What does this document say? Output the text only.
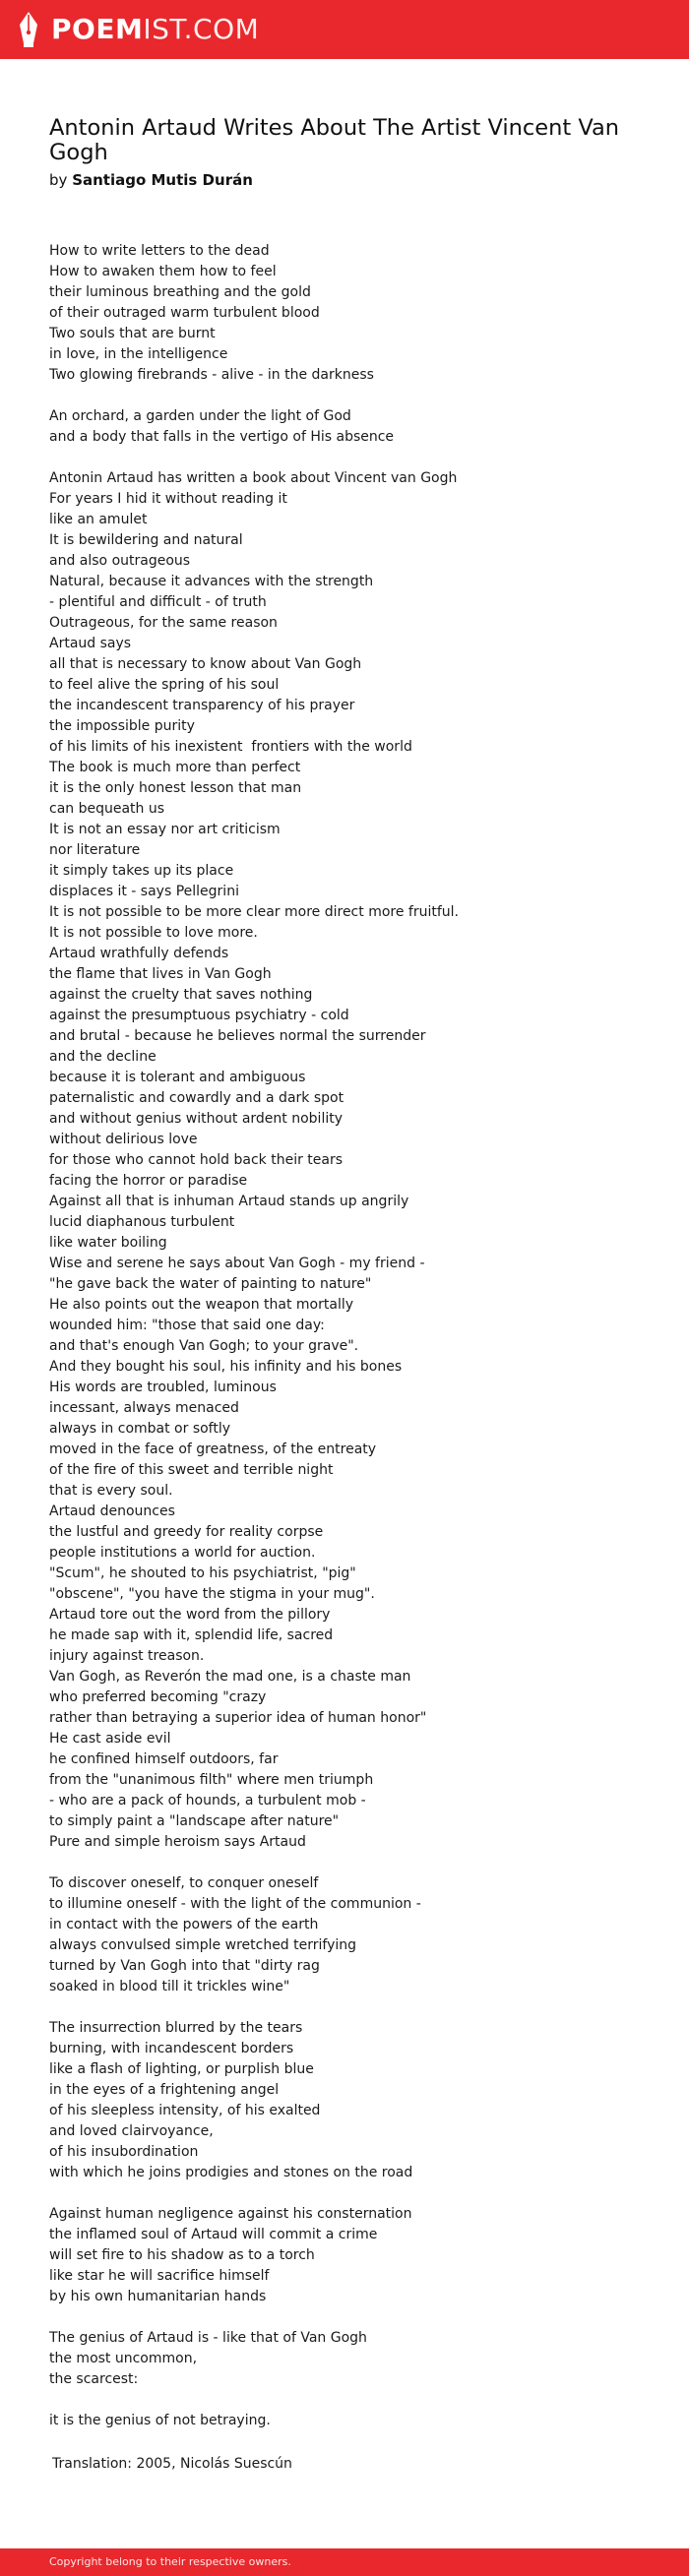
POEMIST.COM
Antonin Artaud Writes About The Artist Vincent Van Gogh
by Santiago Mutis Durán
How to write letters to the dead
How to awaken them how to feel
their luminous breathing and the gold
of their outraged warm turbulent blood
Two souls that are burnt
in love, in the intelligence
Two glowing firebrands - alive - in the darkness
An orchard, a garden under the light of God
and a body that falls in the vertigo of His absence
Antonin Artaud has written a book about Vincent van Gogh
For years I hid it without reading it
like an amulet
It is bewildering and natural
and also outrageous
Natural, because it advances with the strength
- plentiful and difficult - of truth
Outrageous, for the same reason
Artaud says
all that is necessary to know about Van Gogh
to feel alive the spring of his soul
the incandescent transparency of his prayer
the impossible purity
of his limits of his inexistent  frontiers with the world
The book is much more than perfect
it is the only honest lesson that man
can bequeath us
It is not an essay nor art criticism
nor literature
it simply takes up its place
displaces it - says Pellegrini
It is not possible to be more clear more direct more fruitful.
It is not possible to love more.
Artaud wrathfully defends
the flame that lives in Van Gogh
against the cruelty that saves nothing
against the presumptuous psychiatry - cold
and brutal - because he believes normal the surrender
and the decline
because it is tolerant and ambiguous
paternalistic and cowardly and a dark spot
and without genius without ardent nobility
without delirious love
for those who cannot hold back their tears
facing the horror or paradise
Against all that is inhuman Artaud stands up angrily
lucid diaphanous turbulent
like water boiling
Wise and serene he says about Van Gogh - my friend -
"he gave back the water of painting to nature"
He also points out the weapon that mortally
wounded him: "those that said one day:
and that's enough Van Gogh; to your grave".
And they bought his soul, his infinity and his bones
His words are troubled, luminous
incessant, always menaced
always in combat or softly
moved in the face of greatness, of the entreaty
of the fire of this sweet and terrible night
that is every soul.
Artaud denounces
the lustful and greedy for reality corpse
people institutions a world for auction.
"Scum", he shouted to his psychiatrist, "pig"
"obscene", "you have the stigma in your mug".
Artaud tore out the word from the pillory
he made sap with it, splendid life, sacred
injury against treason.
Van Gogh, as Reverón the mad one, is a chaste man
who preferred becoming "crazy
rather than betraying a superior idea of human honor"
He cast aside evil
he confined himself outdoors, far
from the "unanimous filth" where men triumph
- who are a pack of hounds, a turbulent mob -
to simply paint a "landscape after nature"
Pure and simple heroism says Artaud
To discover oneself, to conquer oneself
to illumine oneself - with the light of the communion -
in contact with the powers of the earth
always convulsed simple wretched terrifying
turned by Van Gogh into that "dirty rag
soaked in blood till it trickles wine"
The insurrection blurred by the tears
burning, with incandescent borders
like a flash of lighting, or purplish blue
in the eyes of a frightening angel
of his sleepless intensity, of his exalted
and loved clairvoyance,
of his insubordination
with which he joins prodigies and stones on the road
Against human negligence against his consternation
the inflamed soul of Artaud will commit a crime
will set fire to his shadow as to a torch
like star he will sacrifice himself
by his own humanitarian hands
The genius of Artaud is - like that of Van Gogh
the most uncommon,
the scarcest:
it is the genius of not betraying.
Translation: 2005, Nicolás Suescún
Copyright belong to their respective owners.
